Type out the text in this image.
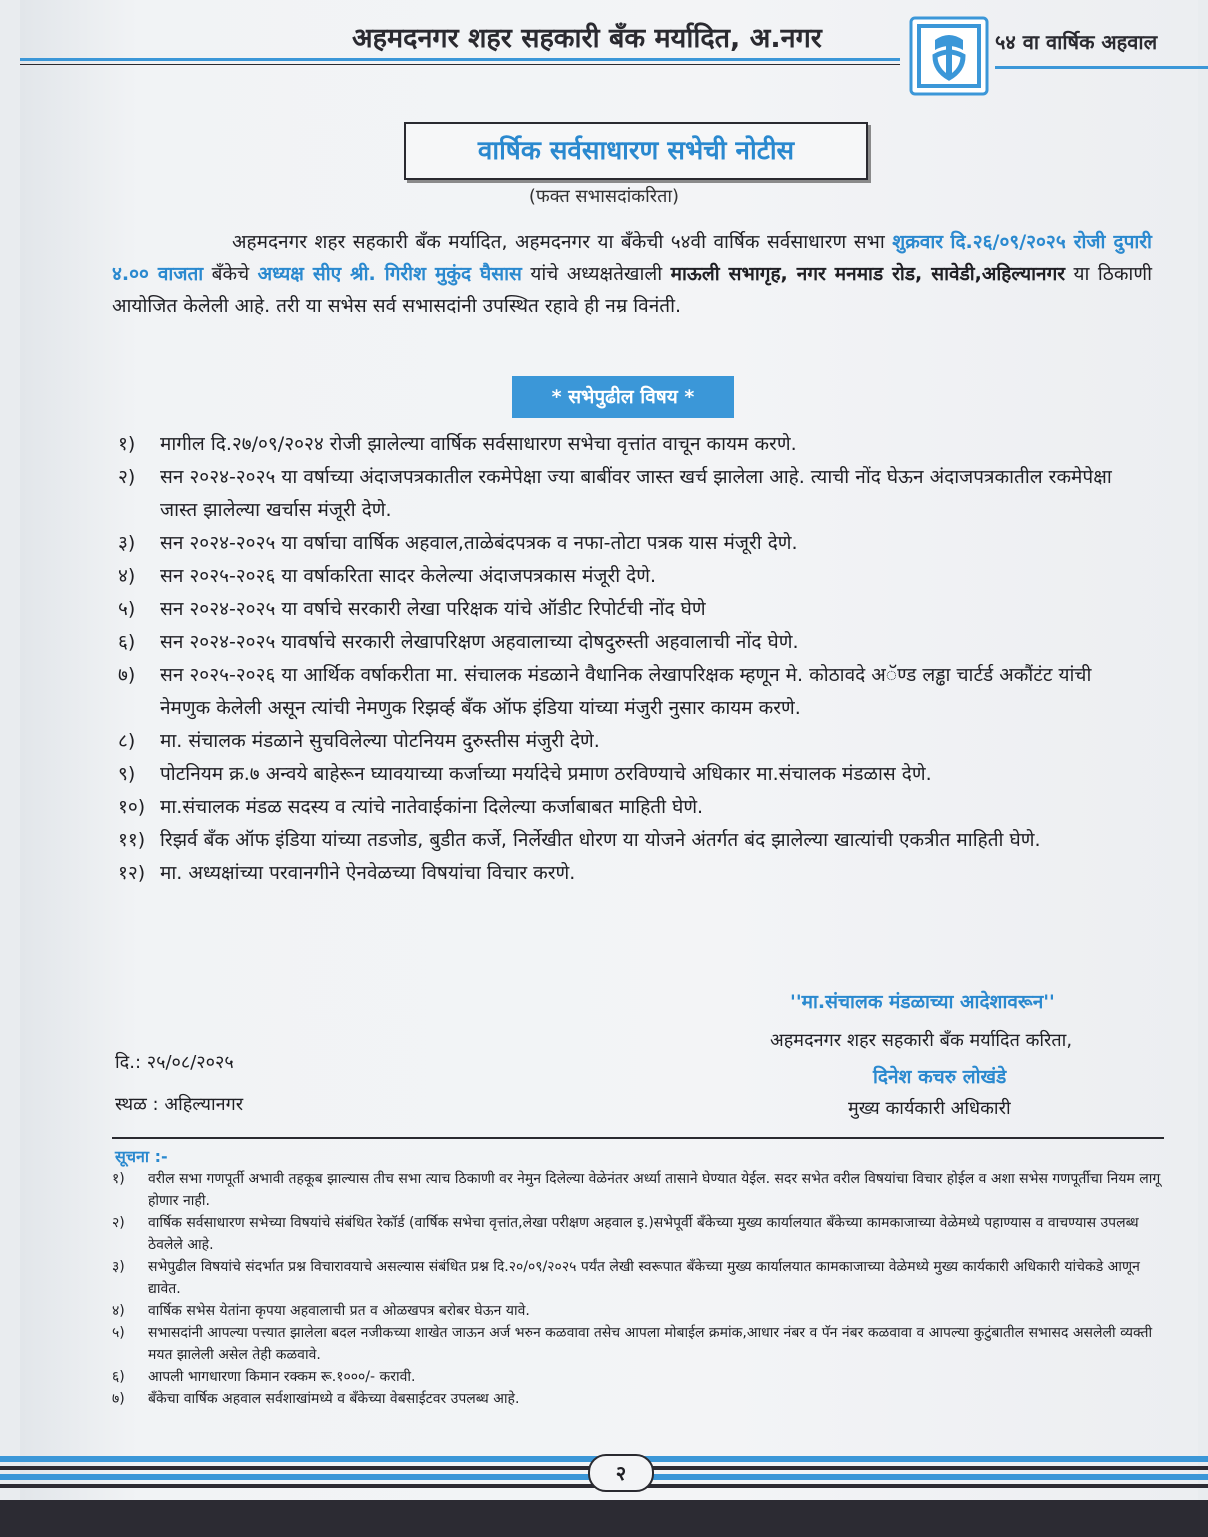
अहमदनगर शहर सहकारी बँक मर्यादित, अ.नगर	५४ वा वार्षिक अहवाल
वार्षिक सर्वसाधारण सभेची नोटीस
(फक्त सभासदांकरिता)
अहमदनगर शहर सहकारी बँक मर्यादित, अहमदनगर या बँकेची ५४वी वार्षिक सर्वसाधारण सभा शुक्रवार दि.२६/०९/२०२५ रोजी दुपारी ४.०० वाजता बँकेचे अध्यक्ष सीए श्री. गिरीश मुकुंद घैसास यांचे अध्यक्षतेखाली माऊली सभागृह, नगर मनमाड रोड, सावेडी,अहिल्यानगर या ठिकाणी आयोजित केलेली आहे. तरी या सभेस सर्व सभासदांनी उपस्थित रहावे ही नम्र विनंती.
* सभेपुढील विषय *
१)	मागील दि.२७/०९/२०२४ रोजी झालेल्या वार्षिक सर्वसाधारण सभेचा वृत्तांत वाचून कायम करणे.
२)	सन २०२४-२०२५ या वर्षाच्या अंदाजपत्रकातील रकमेपेक्षा ज्या बाबींवर जास्त खर्च झालेला आहे. त्याची नोंद घेऊन अंदाजपत्रकातील रकमेपेक्षा जास्त झालेल्या खर्चास मंजूरी देणे.
३)	सन २०२४-२०२५ या वर्षाचा वार्षिक अहवाल,ताळेबंदपत्रक व नफा-तोटा पत्रक यास मंजूरी देणे.
४)	सन २०२५-२०२६ या वर्षाकरिता सादर केलेल्या अंदाजपत्रकास मंजूरी देणे.
५)	सन २०२४-२०२५ या वर्षाचे सरकारी लेखा परिक्षक यांचे ऑडीट रिपोर्टची नोंद घेणे
६)	सन २०२४-२०२५ यावर्षाचे सरकारी लेखापरिक्षण अहवालाच्या दोषदुरुस्ती अहवालाची नोंद घेणे.
७)	सन २०२५-२०२६ या आर्थिक वर्षाकरीता मा. संचालक मंडळाने वैधानिक लेखापरिक्षक म्हणून मे. कोठावदे अॅण्ड लड्ढा चार्टर्ड अकौंटंट यांची नेमणुक केलेली असून त्यांची नेमणुक रिझर्व्ह बँक ऑफ इंडिया यांच्या मंजुरी नुसार कायम करणे.
८)	मा. संचालक मंडळाने सुचविलेल्या पोटनियम दुरुस्तीस मंजुरी देणे.
९)	पोटनियम क्र.७ अन्वये बाहेरून घ्यावयाच्या कर्जाच्या मर्यादेचे प्रमाण ठरविण्याचे अधिकार मा.संचालक मंडळास देणे.
१०) मा.संचालक मंडळ सदस्य व त्यांचे नातेवाईकांना दिलेल्या कर्जाबाबत माहिती घेणे.
११) रिझर्व बँक ऑफ इंडिया यांच्या तडजोड, बुडीत कर्जे, निर्लेखीत धोरण या योजने अंतर्गत बंद झालेल्या खात्यांची एकत्रीत माहिती घेणे.
१२) मा. अध्यक्षांच्या परवानगीने ऐनवेळच्या विषयांचा विचार करणे.
''मा.संचालक मंडळाच्या आदेशावरून''
अहमदनगर शहर सहकारी बँक मर्यादित करिता,
दिनेश कचरु लोखंडे
मुख्य कार्यकारी अधिकारी
दि.: २५/०८/२०२५
स्थळ : अहिल्यानगर
सूचना :-
१)	वरील सभा गणपूर्ती अभावी तहकूब झाल्यास तीच सभा त्याच ठिकाणी वर नेमुन दिलेल्या वेळेनंतर अर्ध्या तासाने घेण्यात येईल. सदर सभेत वरील विषयांचा विचार होईल व अशा सभेस गणपूर्तीचा नियम लागू होणार नाही.
२)	वार्षिक सर्वसाधारण सभेच्या विषयांचे संबंधित रेकॉर्ड (वार्षिक सभेचा वृत्तांत,लेखा परीक्षण अहवाल इ.)सभेपूर्वी बँकेच्या मुख्य कार्यालयात बँकेच्या कामकाजाच्या वेळेमध्ये पहाण्यास व वाचण्यास उपलब्ध ठेवलेले आहे.
३)	सभेपुढील विषयांचे संदर्भात प्रश्न विचारावयाचे असल्यास संबंधित प्रश्न दि.२०/०९/२०२५ पर्यंत लेखी स्वरूपात बँकेच्या मुख्य कार्यालयात कामकाजाच्या वेळेमध्ये मुख्य कार्यकारी अधिकारी यांचेकडे आणून द्यावेत.
४)	वार्षिक सभेस येतांना कृपया अहवालाची प्रत व ओळखपत्र बरोबर घेऊन यावे.
५)	सभासदांनी आपल्या पत्त्यात झालेला बदल नजीकच्या शाखेत जाऊन अर्ज भरुन कळवावा तसेच आपला मोबाईल क्रमांक,आधार नंबर व पॅन नंबर कळवावा व आपल्या कुटुंबातील सभासद असलेली व्यक्ती मयत झालेली असेल तेही कळवावे.
६)	आपली भागधारणा किमान रक्कम रू.१०००/- करावी.
७)	बँकेचा वार्षिक अहवाल सर्वशाखांमध्ये व बँकेच्या वेबसाईटवर उपलब्ध आहे.
२
